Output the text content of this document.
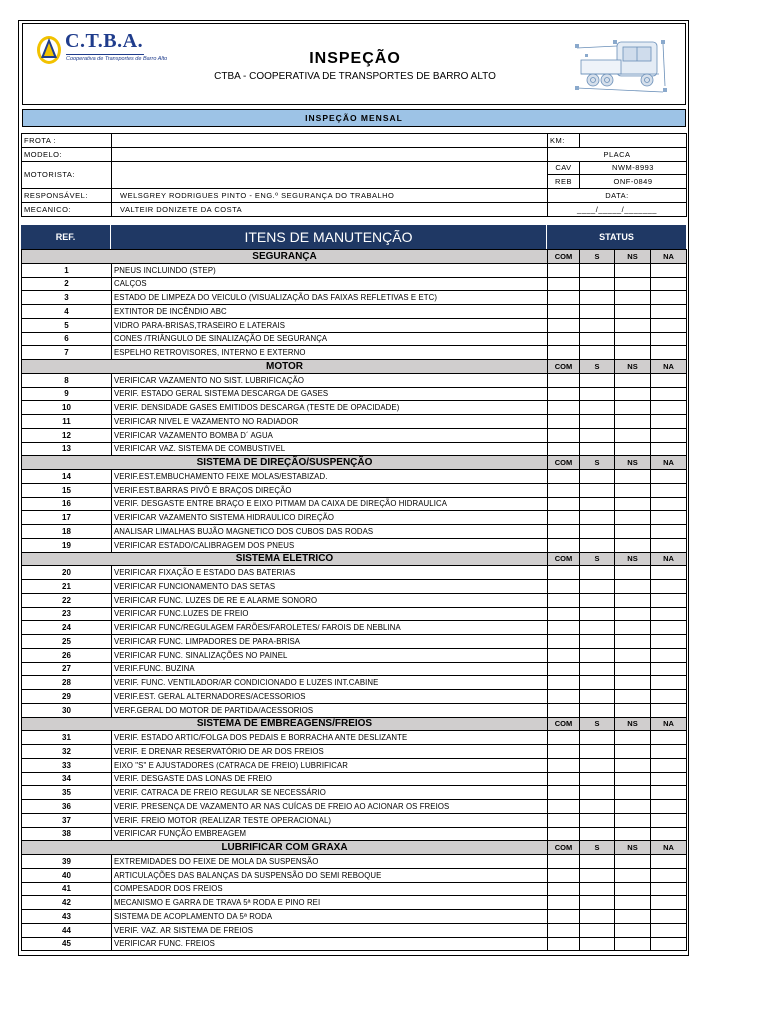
C.T.B.A.
Cooperativa de Transportes de Barro Alto	INSPEÇÃO
CTBA - COOPERATIVA DE TRANSPORTES DE BARRO ALTO
INSPEÇÃO MENSAL
FROTA :		KM:	
MODELO:		PLACA	
MOTORISTA:		CAV	NWM-8993
		REB	ONF-0849
RESPONSÁVEL:	WELSGREY RODRIGUES PINTO - ENG.º SEGURANÇA DO TRABALHO	DATA:	
MECANICO:	VALTEIR DONIZETE DA COSTA	____/_____/_______	
REF.	ITENS DE MANUTENÇÃO	STATUS
SEGURANÇA		COM	S	NS	NA
1	PNEUS INCLUINDO (STEP)				
2	CALÇOS				
3	ESTADO DE LIMPEZA DO VEICULO (VISUALIZAÇÃO DAS FAIXAS REFLETIVAS E ETC)				
4	EXTINTOR DE INCÊNDIO ABC				
5	VIDRO PARA-BRISAS,TRASEIRO E LATERAIS				
6	CONES /TRIÂNGULO DE SINALIZAÇÃO DE SEGURANÇA				
7	ESPELHO RETROVISORES, INTERNO E EXTERNO				
MOTOR		COM	S	NS	NA
8	VERIFICAR VAZAMENTO NO SIST. LUBRIFICAÇÃO				
9	VERIF. ESTADO GERAL SISTEMA DESCARGA DE GASES				
10	VERIF. DENSIDADE GASES EMITIDOS DESCARGA (TESTE DE OPACIDADE)				
11	VERIFICAR NIVEL E VAZAMENTO NO RADIADOR				
12	VERIFICAR VAZAMENTO BOMBA D´ AGUA				
13	VERIFICAR VAZ. SISTEMA DE COMBUSTIVEL				
SISTEMA DE DIREÇÃO/SUSPENÇÃO		COM	S	NS	NA
14	VERIF.EST.EMBUCHAMENTO FEIXE MOLAS/ESTABIZAD.				
15	VERIF.EST.BARRAS PIVÔ E BRAÇOS DIREÇÃO				
16	VERIF. DESGASTE ENTRE BRAÇO E EIXO PITMAM DA CAIXA DE DIREÇÃO HIDRAULICA				
17	VERIFICAR VAZAMENTO SISTEMA HIDRAULICO DIREÇÃO				
18	ANALISAR LIMALHAS BUJÃO MAGNETICO DOS CUBOS DAS RODAS				
19	VERIFICAR ESTADO/CALIBRAGEM DOS PNEUS				
SISTEMA ELETRICO		COM	S	NS	NA
20	VERIFICAR FIXAÇÃO E ESTADO DAS BATERIAS				
21	VERIFICAR FUNCIONAMENTO DAS SETAS				
22	VERIFICAR FUNC. LUZES DE RE E ALARME SONORO				
23	VERIFICAR FUNC.LUZES DE FREIO				
24	VERIFICAR FUNC/REGULAGEM FARÕES/FAROLETES/ FAROIS DE NEBLINA				
25	VERIFICAR FUNC. LIMPADORES DE PARA-BRISA				
26	VERIFICAR FUNC. SINALIZAÇÕES NO PAINEL				
27	VERIF.FUNC. BUZINA				
28	VERIF. FUNC. VENTILADOR/AR CONDICIONADO E LUZES INT.CABINE				
29	VERIF.EST. GERAL ALTERNADORES/ACESSORIOS				
30	VERF.GERAL DO MOTOR DE PARTIDA/ACESSORIOS				
SISTEMA DE EMBREAGENS/FREIOS		COM	S	NS	NA
31	VERIF. ESTADO ARTIC/FOLGA DOS PEDAIS E BORRACHA ANTE DESLIZANTE				
32	VERIF. E DRENAR RESERVATÓRIO DE AR DOS FREIOS				
33	EIXO "S" E AJUSTADORES (CATRACA DE FREIO) LUBRIFICAR				
34	VERIF. DESGASTE DAS LONAS DE FREIO				
35	VERIF. CATRACA DE FREIO REGULAR SE NECESSÁRIO				
36	VERIF. PRESENÇA DE VAZAMENTO AR NAS CUÍCAS DE FREIO AO ACIONAR OS FREIOS				
37	VERIF. FREIO MOTOR (REALIZAR TESTE OPERACIONAL)				
38	VERIFICAR FUNÇÃO EMBREAGEM				
LUBRIFICAR COM GRAXA		COM	S	NS	NA
39	EXTREMIDADES DO FEIXE DE MOLA DA SUSPENSÃO				
40	ARTICULAÇÕES DAS BALANÇAS DA SUSPENSÃO DO SEMI REBOQUE				
41	COMPESADOR DOS FREIOS				
42	MECANISMO E GARRA DE TRAVA 5ª RODA E PINO REI				
43	SISTEMA DE ACOPLAMENTO DA 5ª RODA				
44	VERIF. VAZ. AR SISTEMA DE FREIOS				
45	VERIFICAR FUNC. FREIOS				
